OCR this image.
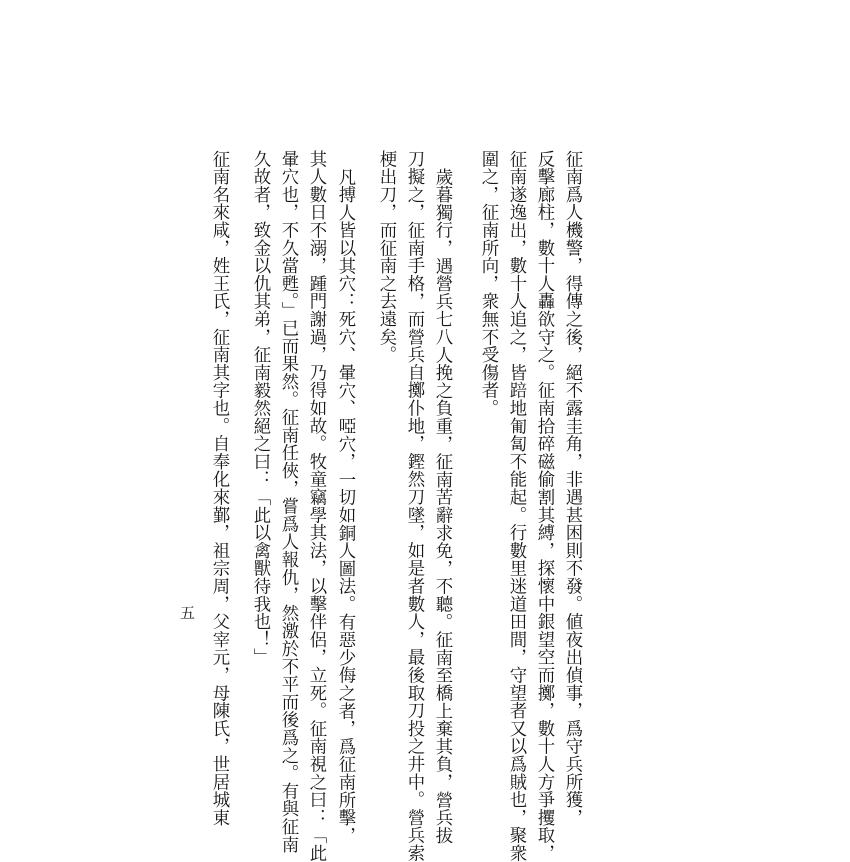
征南爲人機警，得傳之後，絕不露圭角，非遇甚困則不發。値夜出偵事，爲守兵所獲，
反擊廊柱，數十人轟欲守之。征南拾碎磁偷割其縛，探懷中銀望空而擲，數十人方爭攫取，
征南遂逸出，數十人追之，皆踣地匍匐不能起。行數里迷道田間，守望者又以爲賊也，聚衆
圍之，征南所向，衆無不受傷者。
歲暮獨行，遇營兵七八人挽之負重，征南苦辭求免，不聽。征南至橋上棄其負，營兵拔
刀擬之，征南手格，而營兵自擲仆地，鏗然刀墜，如是者數人，最後取刀投之井中。營兵索
梗出刀，而征南之去遠矣。
凡搏人皆以其穴：死穴、暈穴、啞穴，一切如銅人圖法。有惡少侮之者，爲征南所擊，
其人數日不溺，踵門謝過，乃得如故。牧童竊學其法，以擊伴侶，立死。征南視之曰：「此
暈穴也，不久當甦。」已而果然。征南任俠，嘗爲人報仇，然激於不平而後爲之。有與征南
久故者，致金以仇其弟，征南毅然絕之曰：「此以禽獸待我也！」
征南名來咸，姓王氏，征南其字也。自奉化來鄞，祖宗周，父宰元，母陳氏，世居城東
五
